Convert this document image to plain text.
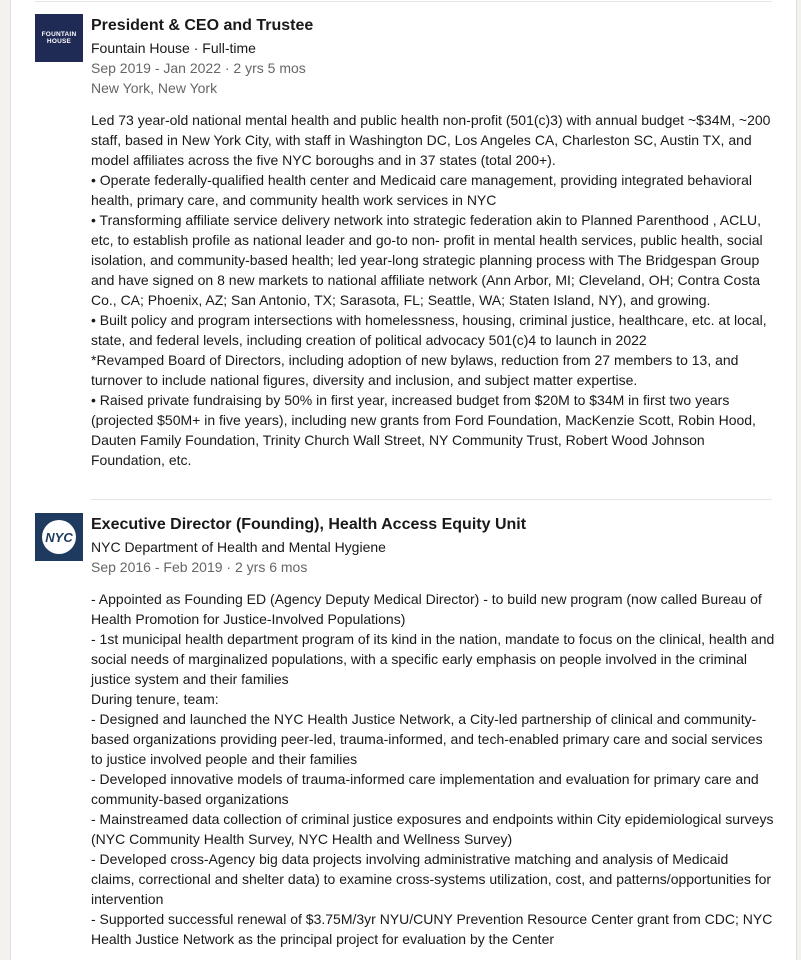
FOUNTAIN
HOUSE
President & CEO and Trustee
Fountain House · Full-time
Sep 2019 - Jan 2022 · 2 yrs 5 mos
New York, New York
Led 73 year-old national mental health and public health non-profit (501(c)3) with annual budget ~$34M, ~200 staff, based in New York City, with staff in Washington DC, Los Angeles CA, Charleston SC, Austin TX, and model affiliates across the five NYC boroughs and in 37 states (total 200+).
• Operate federally-qualified health center and Medicaid care management, providing integrated behavioral health, primary care, and community health work services in NYC
• Transforming affiliate service delivery network into strategic federation akin to Planned Parenthood , ACLU, etc, to establish profile as national leader and go-to non- profit in mental health services, public health, social isolation, and community-based health; led year-long strategic planning process with The Bridgespan Group and have signed on 8 new markets to national affiliate network (Ann Arbor, MI; Cleveland, OH; Contra Costa Co., CA; Phoenix, AZ; San Antonio, TX; Sarasota, FL; Seattle, WA; Staten Island, NY), and growing.
• Built policy and program intersections with homelessness, housing, criminal justice, healthcare, etc. at local, state, and federal levels, including creation of political advocacy 501(c)4 to launch in 2022
*Revamped Board of Directors, including adoption of new bylaws, reduction from 27 members to 13, and turnover to include national figures, diversity and inclusion, and subject matter expertise.
• Raised private fundraising by 50% in first year, increased budget from $20M to $34M in first two years (projected $50M+ in five years), including new grants from Ford Foundation, MacKenzie Scott, Robin Hood, Dauten Family Foundation, Trinity Church Wall Street, NY Community Trust, Robert Wood Johnson Foundation, etc.
NYC
Executive Director (Founding), Health Access Equity Unit
NYC Department of Health and Mental Hygiene
Sep 2016 - Feb 2019 · 2 yrs 6 mos
- Appointed as Founding ED (Agency Deputy Medical Director) - to build new program (now called Bureau of Health Promotion for Justice-Involved Populations)
- 1st municipal health department program of its kind in the nation, mandate to focus on the clinical, health and social needs of marginalized populations, with a specific early emphasis on people involved in the criminal justice system and their families
During tenure, team:
- Designed and launched the NYC Health Justice Network, a City-led partnership of clinical and community-based organizations providing peer-led, trauma-informed, and tech-enabled primary care and social services to justice involved people and their families
- Developed innovative models of trauma-informed care implementation and evaluation for primary care and community-based organizations
- Mainstreamed data collection of criminal justice exposures and endpoints within City epidemiological surveys (NYC Community Health Survey, NYC Health and Wellness Survey)
- Developed cross-Agency big data projects involving administrative matching and analysis of Medicaid claims, correctional and shelter data) to examine cross-systems utilization, cost, and patterns/opportunities for intervention
- Supported successful renewal of $3.75M/3yr NYU/CUNY Prevention Resource Center grant from CDC; NYC Health Justice Network as the principal project for evaluation by the Center
